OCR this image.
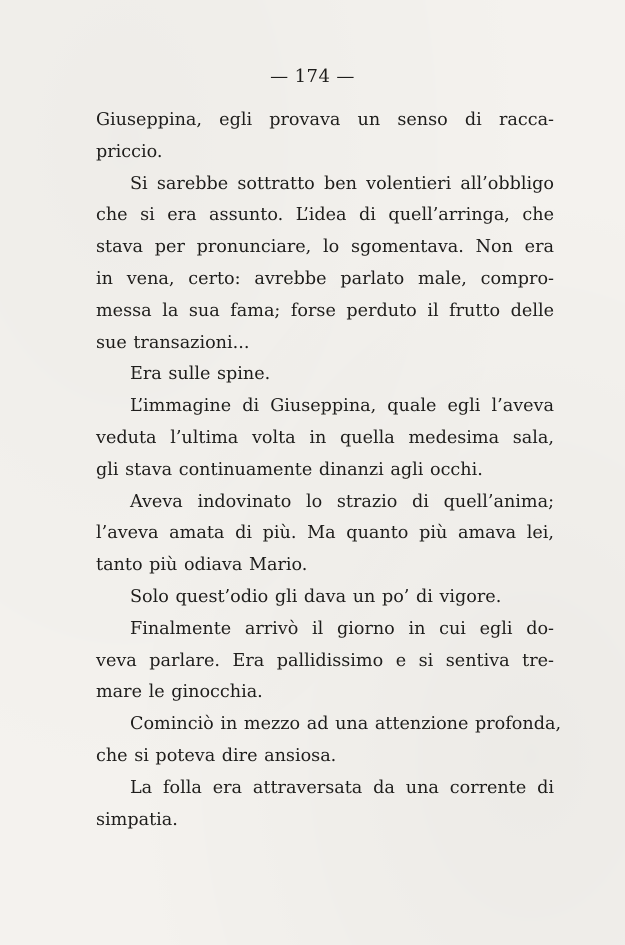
— 174 —
Giuseppina, egli provava un senso di racca-
priccio.
Si sarebbe sottratto ben volentieri all’obbligo
che si era assunto. L’idea di quell’arringa, che
stava per pronunciare, lo sgomentava. Non era
in vena, certo: avrebbe parlato male, compro-
messa la sua fama; forse perduto il frutto delle
sue transazioni...
Era sulle spine.
L’immagine di Giuseppina, quale egli l’aveva
veduta l’ultima volta in quella medesima sala,
gli stava continuamente dinanzi agli occhi.
Aveva indovinato lo strazio di quell’anima;
l’aveva amata di più. Ma quanto più amava lei,
tanto più odiava Mario.
Solo quest’odio gli dava un po’ di vigore.
Finalmente arrivò il giorno in cui egli do-
veva parlare. Era pallidissimo e si sentiva tre-
mare le ginocchia.
Cominciò in mezzo ad una attenzione profonda,
che si poteva dire ansiosa.
La folla era attraversata da una corrente di
simpatia.
